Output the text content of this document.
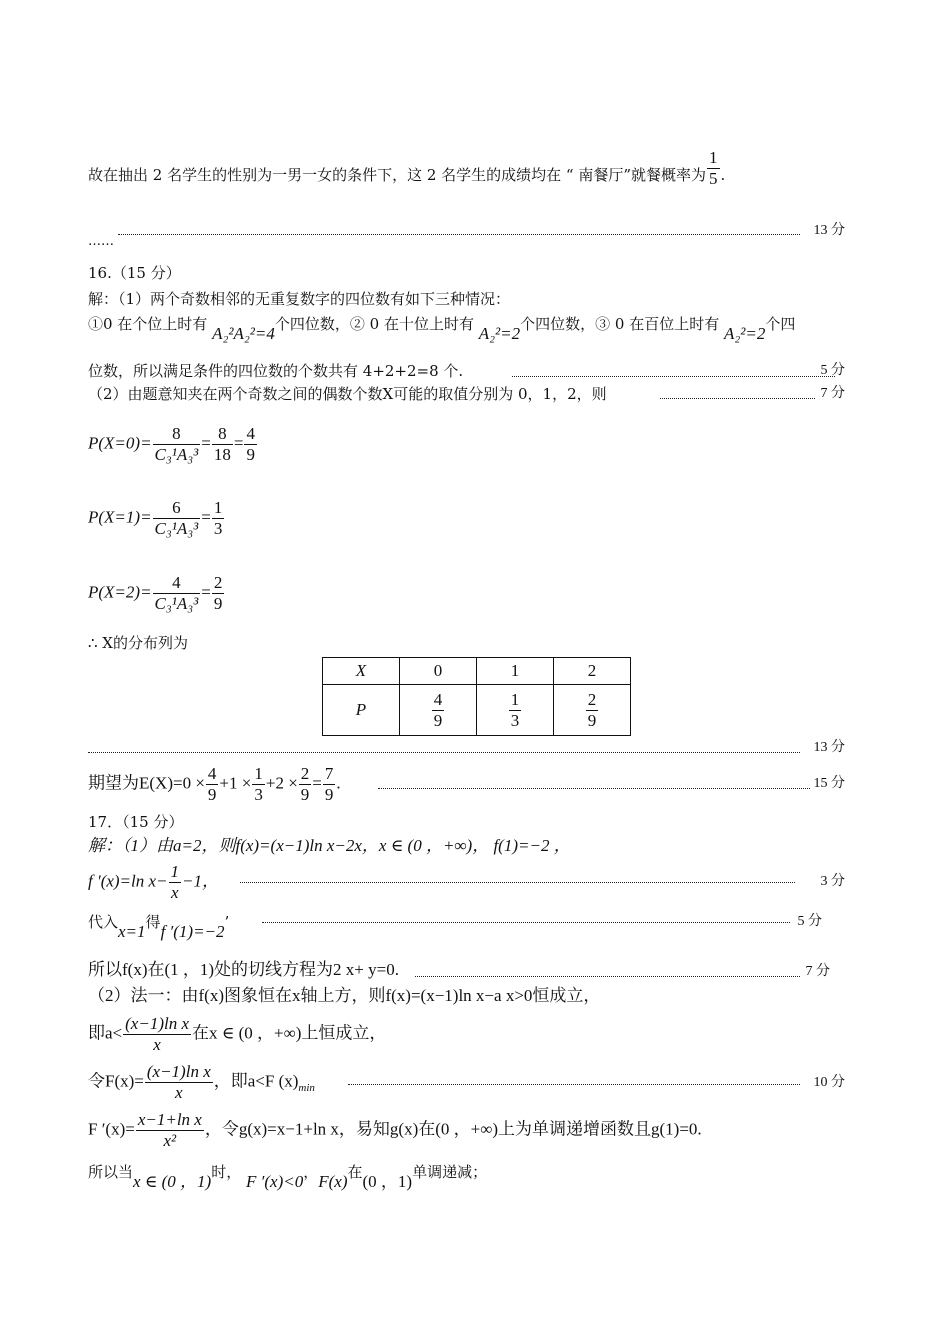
故在抽出 2 名学生的性别为一男一女的条件下，这 2 名学生的成绩均在 “ 南餐厅”就餐概率为 $\frac{1}{5}$ .
……
13 分
16.（15 分）
解：（1）两个奇数相邻的无重复数字的四位数有如下三种情况：
①0 在个位上时有 A₂²A₂²=4个四位数，② 0 在十位上时有 A₂²=2个四位数，③ 0 在百位上时有 A₂²=2个四
位数，所以满足条件的四位数的个数共有 4+2+2=8 个.	5 分
（2）由题意知夹在两个奇数之间的偶数个数X可能的取值分别为 0，1，2，则	7 分
$P(X=0)= \frac{8}{\text{C₃¹A₃³}} = \frac{8}{18} = \frac{4}{9}$
$P(X=1)= \frac{6}{\text{C₃¹A₃³}} = \frac{1}{3}$
$P(X=2)= \frac{4}{\text{C₃¹A₃³}} = \frac{2}{9}$
∴ X的分布列为
X	0	1	2
P	$\frac{4}{9}$	$\frac{1}{3}$	$\frac{2}{9}$
13 分
期望为$E(X)=0 \times \frac{4}{9} +1 \times \frac{1}{3} +2 \times \frac{2}{9} = \frac{7}{9}$ .	15 分
17．（15 分）
解：（1）由a=2，则f(x)=(x−1)ln x−2x，x ∈ (0 ，+∞)， f(1)=−2 ，
f ′(x)=ln $x- \frac{1}{x} -1$，	3 分
代入x=1得f ′(1)=−2’	5 分
所以f(x)在(1 ，1)处的切线方程为2 x+ y=0.	7 分
（2）法一：由f(x)图象恒在x轴上方，则f(x)=(x−1)ln x−a x>0恒成立，
即$a< \frac{\text{(x−1)ln x}}{x}$ 在x ∈ (0 ，+∞)上恒成立，
令$F(x)= \frac{\text{(x−1)ln x}}{x}$ ，即a<F $(x)_{min}$	10 分
F $'(x)= \frac{\text{x−1+ln x}}{\text{x²}}$ ，令g(x)=x−1+ln x，易知g(x)在(0 ，+∞)上为单调递增函数且g(1)=0.
所以当x ∈ (0 ，1)时， F ′(x)<0，F(x)在(0 ，1)单调递减；
